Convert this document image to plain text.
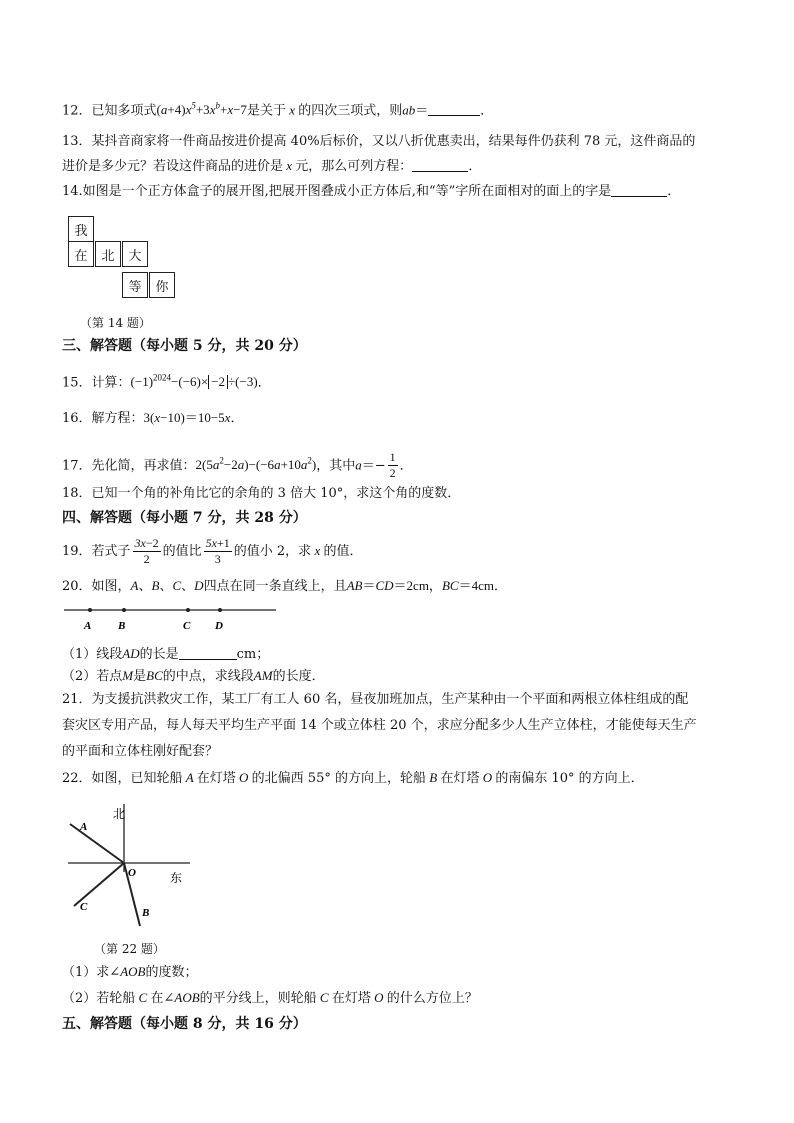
12．已知多项式$(a+4)x^5+3x^b+x-7$是关于 x 的四次三项式，则ab＝	．
13．某抖音商家将一件商品按进价提高 40%后标价，又以八折优惠卖出，结果每件仍获利 78 元，这件商品的
进价是多少元？若设这件商品的进价是 x 元，那么可列方程：	．
14.如图是一个正方体盒子的展开图,把展开图叠成小正方体后,和“等”字所在面相对的面上的字是	．
我
在	北	大
等	你
（第 14 题）
三、解答题（每小题 5 分，共 20 分）
15．计算：$(-1)^{2024}-(-6)\times -2 \div(-3)$．
16．解方程：3(x−10)＝10−5x．
17．先化简，再求值：$2(5a^2-2a)-(-6a+10a^2)$，其中$a=- \frac{1}{2}$ ．
18．已知一个角的补角比它的余角的 3 倍大 10°，求这个角的度数．
四、解答题（每小题 7 分，共 28 分）
19．若式子 $\frac{3x-2}{2}$ 的值比 $\frac{5x+1}{3}$ 的值小 2，求 x 的值．
20．如图，A、B、C、D四点在同一条直线上，且AB＝CD＝2cm，BC＝4cm．
A B	C D
（1）线段AD的长是	cm；
（2）若点M是BC的中点，求线段AM的长度．
21．为支援抗洪救灾工作，某工厂有工人 60 名，昼夜加班加点，生产某种由一个平面和两根立体柱组成的配
套灾区专用产品，每人每天平均生产平面 14 个或立体柱 20 个，求应分配多少人生产立体柱，才能使每天生产
的平面和立体柱刚好配套？
22．如图，已知轮船 A 在灯塔 O 的北偏西 55° 的方向上，轮船 B 在灯塔 O 的南偏东 10° 的方向上．
北
东
A
O
C	B
（第 22 题）
（1）求∠AOB的度数；
（2）若轮船 C 在∠AOB的平分线上，则轮船 C 在灯塔 O 的什么方位上？
五、解答题（每小题 8 分，共 16 分）
